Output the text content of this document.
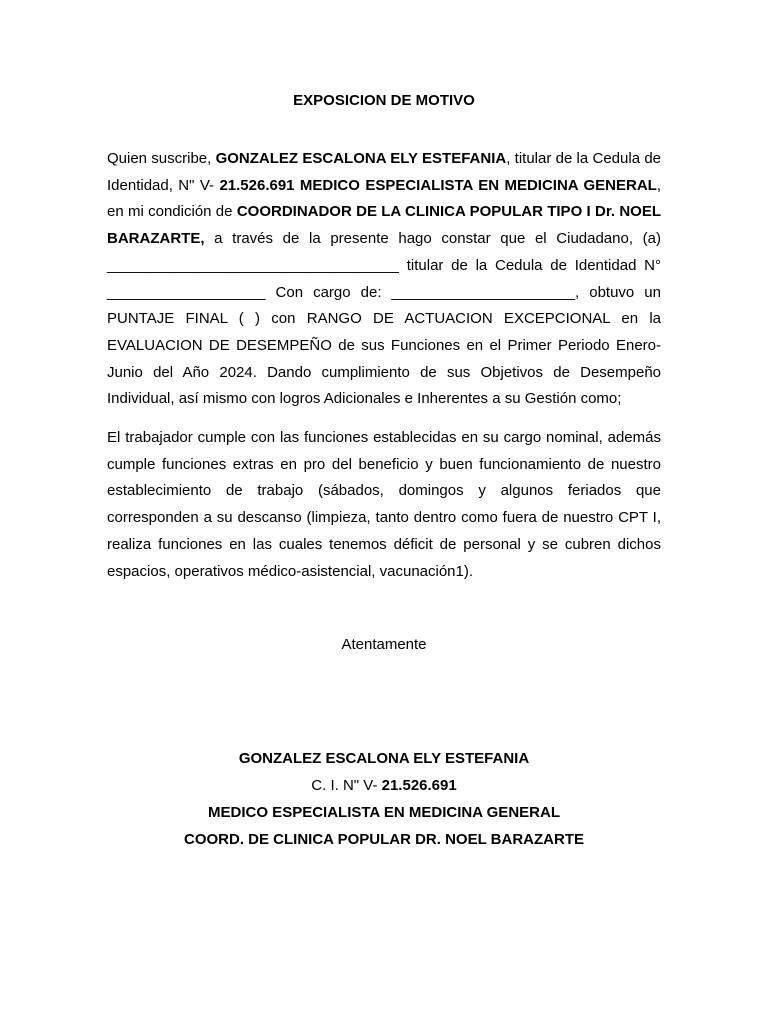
EXPOSICION DE MOTIVO

Quien suscribe, GONZALEZ ESCALONA ELY ESTEFANIA, titular de la Cedula de Identidad, N" V- 21.526.691 MEDICO ESPECIALISTA EN MEDICINA GENERAL, en mi condición de COORDINADOR DE LA CLINICA POPULAR TIPO I Dr. NOEL BARAZARTE, a través de la presente hago constar que el Ciudadano, (a) ___________________________________ titular de la Cedula de Identidad N° ___________________ Con cargo de: ______________________, obtuvo un PUNTAJE FINAL ( ) con RANGO DE ACTUACION EXCEPCIONAL en la EVALUACION DE DESEMPEÑO de sus Funciones en el Primer Periodo Enero-Junio del Año 2024. Dando cumplimiento de sus Objetivos de Desempeño Individual, así mismo con logros Adicionales e Inherentes a su Gestión como;

El trabajador cumple con las funciones establecidas en su cargo nominal, además cumple funciones extras en pro del beneficio y buen funcionamiento de nuestro establecimiento de trabajo (sábados, domingos y algunos feriados que corresponden a su descanso (limpieza, tanto dentro como fuera de nuestro CPT I, realiza funciones en las cuales tenemos déficit de personal y se cubren dichos espacios, operativos médico-asistencial, vacunación1).

Atentamente
GONZALEZ ESCALONA ELY ESTEFANIA
C. I. N" V- 21.526.691
MEDICO ESPECIALISTA EN MEDICINA GENERAL
COORD. DE CLINICA POPULAR DR. NOEL BARAZARTE
